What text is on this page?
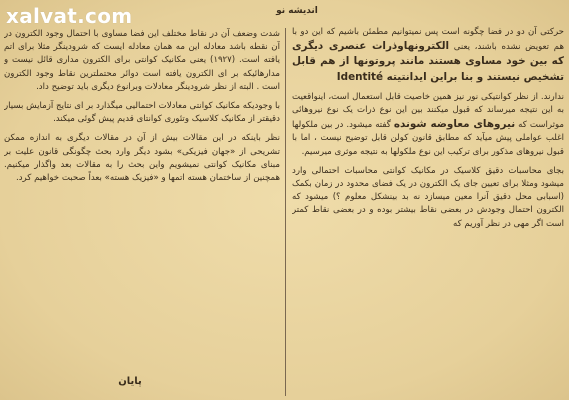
xalvat.com	اندیشه نو

حرکتی آن دو در فضا چگونه است پس نمیتوانیم مطمئن باشیم که این دو با هم تعویض نشده باشند، یعنی الکترونهاوذرات عنصری دیگری که بین خود مساوی هستند مانند پروتونها از هم قابل تشخیص نیستند و بنا براین ایدانتیته Identité

ندارند. از نظر کوانتیکی نور نیز همین خاصیت قابل استعمال است، اینواقعیت به این نتیجه میرساند که قبول میکنند بین این نوع ذرات یک نوع نیروهائی موثراست که نیروهای معاوضه شونده گفته میشود. در بین ملکولها اغلب عواملی پیش میآید که مطابق قانون کولن قابل توضیح نیست ، اما با قبول نیروهای مذکور برای ترکیب این نوع ملکولها به نتیجه موثری میرسیم.

بجای محاسبات دقیق کلاسیک در مکانیک کوانتی محاسبات احتمالی وارد میشود ومثلا برای تعیین جای یک الکترون در یک فضای محدود در زمان بکمک (اسبابی محل دقیق آنرا معین میسازد نه بد بینشکل معلوم ؟) میشود که الکترون احتمال وجودش در بعضی نقاط بیشتر بوده و در بعضی نقاط کمتر است اگر مهی در نظر آوریم که

شدت وضعف آن در نقاط مختلف این فضا مساوی با احتمال وجود الکترون در آن نقطه باشد معادله این مه همان معادله ایست که شرودینگر مثلا برای اتم یافته است. (۱۹۲۷) یعنی مکانیک کوانتی برای الکترون مداری قائل نیست و مدارهائیکه بر ای الکترون یافته است دوائر محتملترین نقاط وجود الکترون است . البته از نظر شرودینگر معادلات وبرانوع دیگری باید توضیح داد.

با وجودیکه مکانیک کوانتی معادلات احتمالیی میگذارد بر ای نتایج آزمایش بسیار دقیقتر از مکانیک کلاسیک وتئوری کوانتای قدیم پیش گوئی میکند.

نظر باینکه در این مقالات بیش از آن در مقالات دیگری به اندازه ممکن تشریحی از «جهان فیزیکی» بشود دیگر وارد بحث چگونگی قانون علیت بر مبنای مکانیک کوانتی نمیشویم واین بحث را به مقالات بعد واگذار میکنیم. همچنین از ساختمان هسته اتمها و «فیزیک هسته» بعداً صحبت خواهیم کرد.

پایان
